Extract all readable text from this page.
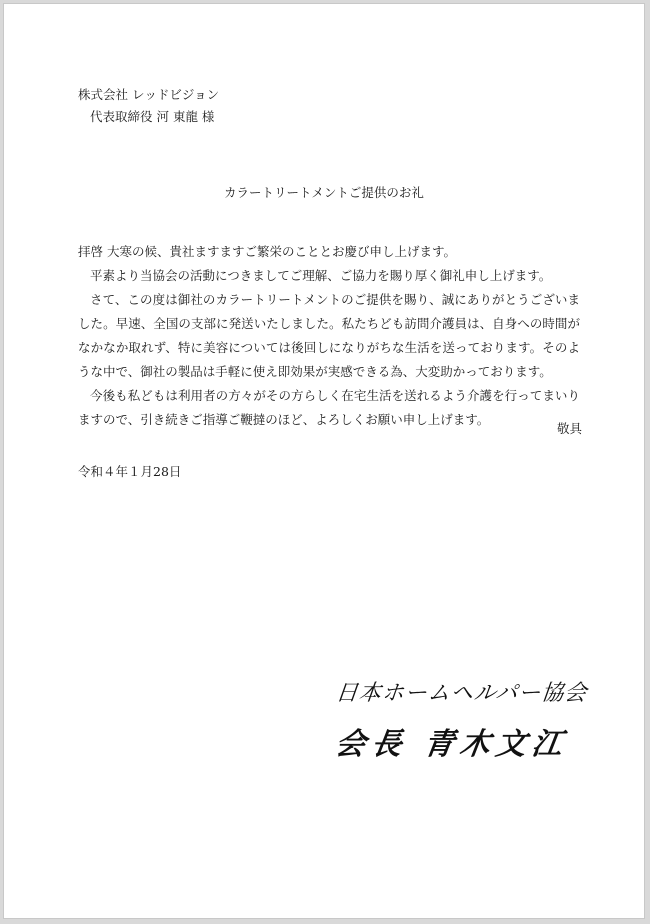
株式会社 レッドビジョン
代表取締役 河 東龍 様
カラートリートメントご提供のお礼

拝啓 大寒の候、貴社ますますご繁栄のこととお慶び申し上げます。

平素より当協会の活動につきましてご理解、ご協力を賜り厚く御礼申し上げます。

さて、この度は御社のカラートリートメントのご提供を賜り、誠にありがとうございました。早速、全国の支部に発送いたしました。私たちども訪問介護員は、自身への時間がなかなか取れず、特に美容については後回しになりがちな生活を送っております。そのような中で、御社の製品は手軽に使え即効果が実感できる為、大変助かっております。

今後も私どもは利用者の方々がその方らしく在宅生活を送れるよう介護を行ってまいりますので、引き続きご指導ご鞭撻のほど、よろしくお願い申し上げます。

敬具
令和４年１月28日
日本ホームヘルパー協会
会長 青木文江
